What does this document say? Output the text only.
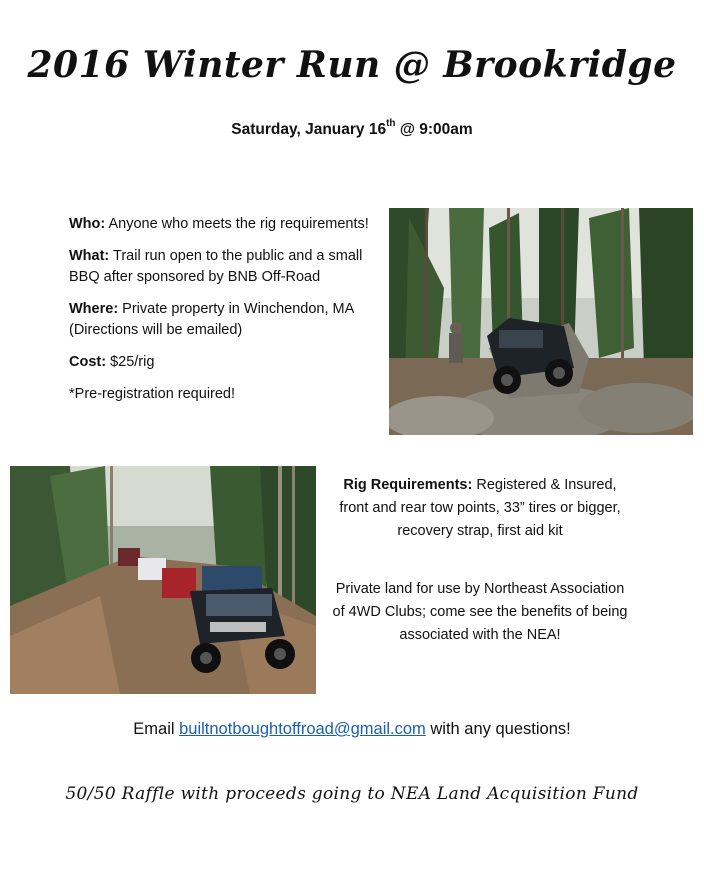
2016 Winter Run @ Brookridge
Saturday, January 16th @ 9:00am

Who: Anyone who meets the rig requirements!

What: Trail run open to the public and a small BBQ after sponsored by BNB Off-Road

Where: Private property in Winchendon, MA (Directions will be emailed)

Cost: $25/rig

*Pre-registration required!

Rig Requirements: Registered & Insured, front and rear tow points, 33” tires or bigger, recovery strap, first aid kit
Private land for use by Northeast Association of 4WD Clubs; come see the benefits of being associated with the NEA!
Email builtnotboughtoffroad@gmail.com with any questions!
50/50 Raffle with proceeds going to NEA Land Acquisition Fund
